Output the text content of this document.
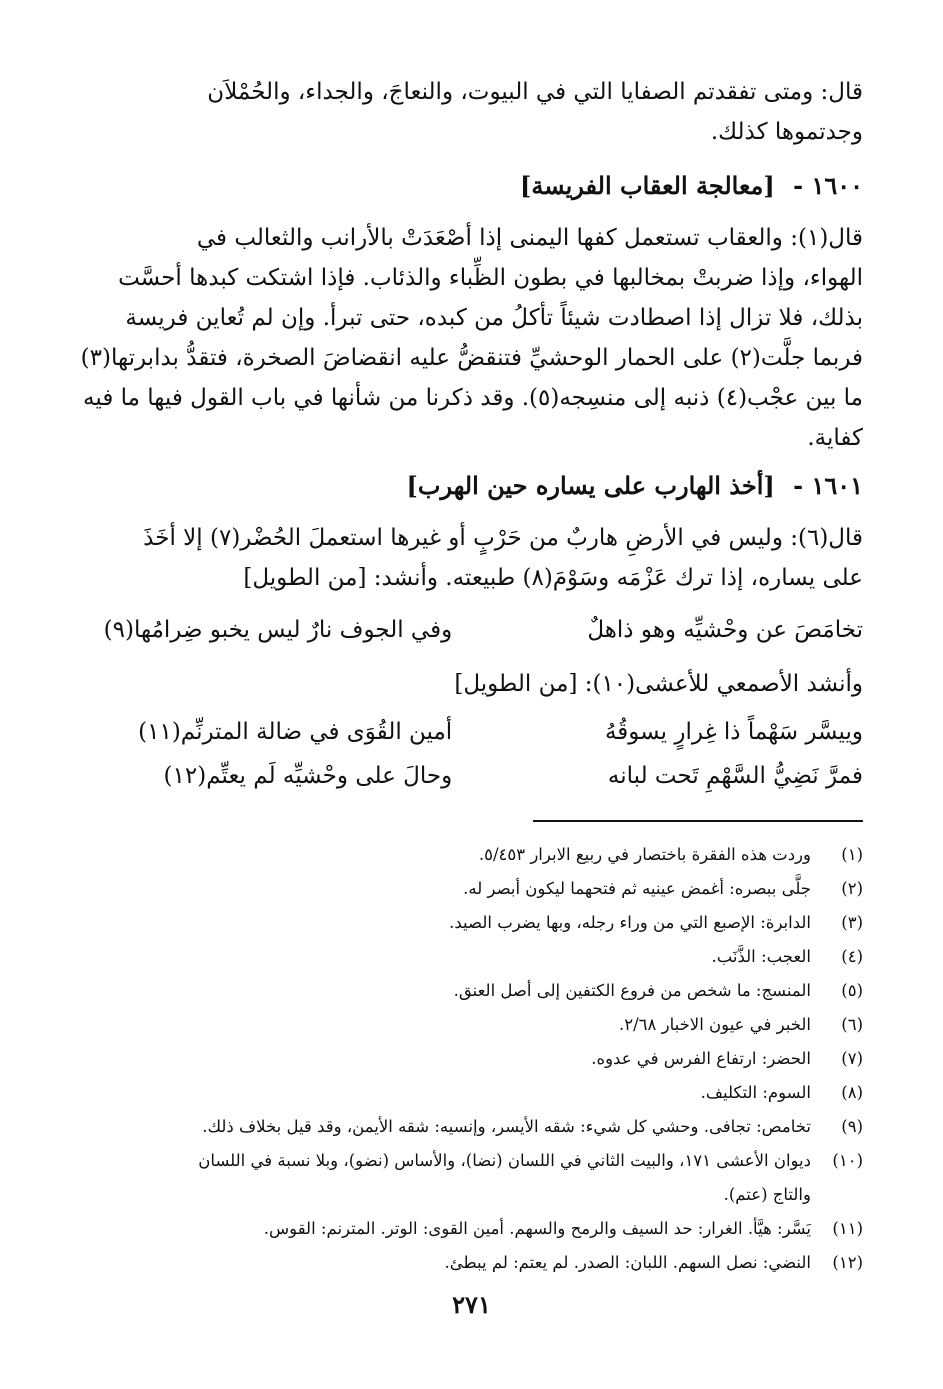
قال: ومتى تفقدتم الصفايا التي في البيوت، والنعاجَ، والجداء، والحُمْلاَن

وجدتموها كذلك.

١٦٠٠ - [معالجة العقاب الفريسة]

قال(١): والعقاب تستعمل كفها اليمنى إذا أصْعَدَتْ بالأرانب والثعالب في

الهواء، وإذا ضربتْ بمخالبها في بطون الظِّباء والذئاب. فإذا اشتكت كبدها أحسَّت

بذلك، فلا تزال إذا اصطادت شيئاً تأكلُ من كبده، حتى تبرأ. وإن لم تُعاين فريسة

فربما جلَّت(٢) على الحمار الوحشيِّ فتنقضُّ عليه انقضاضَ الصخرة، فتقدُّ بدابرتها(٣)

ما بين عجْب(٤) ذنبه إلى منسِجه(٥). وقد ذكرنا من شأنها في باب القول فيها ما فيه

كفاية.

١٦٠١ - [أخذ الهارب على يساره حين الهرب]

قال(٦): وليس في الأرضِ هاربٌ من حَرْبٍ أو غيرها استعملَ الحُضْر(٧) إلا أخَذَ

على يساره، إذا ترك عَزْمَه وسَوْمَ(٨) طبيعته. وأنشد: [من الطويل]

تخامَصَ عن وحْشيِّه وهو ذاهلٌ
وفي الجوف نارٌ ليس يخبو ضِرامُها(٩)

وأنشد الأصمعي للأعشى(١٠): [من الطويل]

وييسَّر سَهْماً ذا غِرارٍ يسوقُهُ
أمين القُوَى في ضالة المترنِّم(١١)
فمرَّ نَضِيُّ السَّهْمِ تَحت لبانه
وحالَ على وحْشيِّه لَم يعتِّم(١٢)
(١)وردت هذه الفقرة باختصار في ربيع الابرار ٥/٤٥٣.
(٢)جلَّى ببصره: أغمض عينيه ثم فتحهما ليكون أبصر له.
(٣)الدابرة: الإصبع التي من وراء رجله، وبها يضرب الصيد.
(٤)العجب: الذَّنَب.
(٥)المنسج: ما شخص من فروع الكتفين إلى أصل العنق.
(٦)الخبر في عيون الاخبار ٢/٦٨.
(٧)الحضر: ارتفاع الفرس في عدوه.
(٨)السوم: التكليف.
(٩)تخامص: تجافى. وحشي كل شيء: شقه الأيسر، وإنسيه: شقه الأيمن، وقد قيل بخلاف ذلك.
(١٠)ديوان الأعشى ١٧١، والبيت الثاني في اللسان (نضا)، والأساس (نضو)، وبلا نسبة في اللسان
والتاج (عتم).
(١١)يَسَّر: هيَّأ. الغرار: حد السيف والرمح والسهم. أمين القوى: الوتر. المترنم: القوس.
(١٢)النضي: نصل السهم. اللبان: الصدر. لم يعتم: لم يبطئ.
٢٧١
